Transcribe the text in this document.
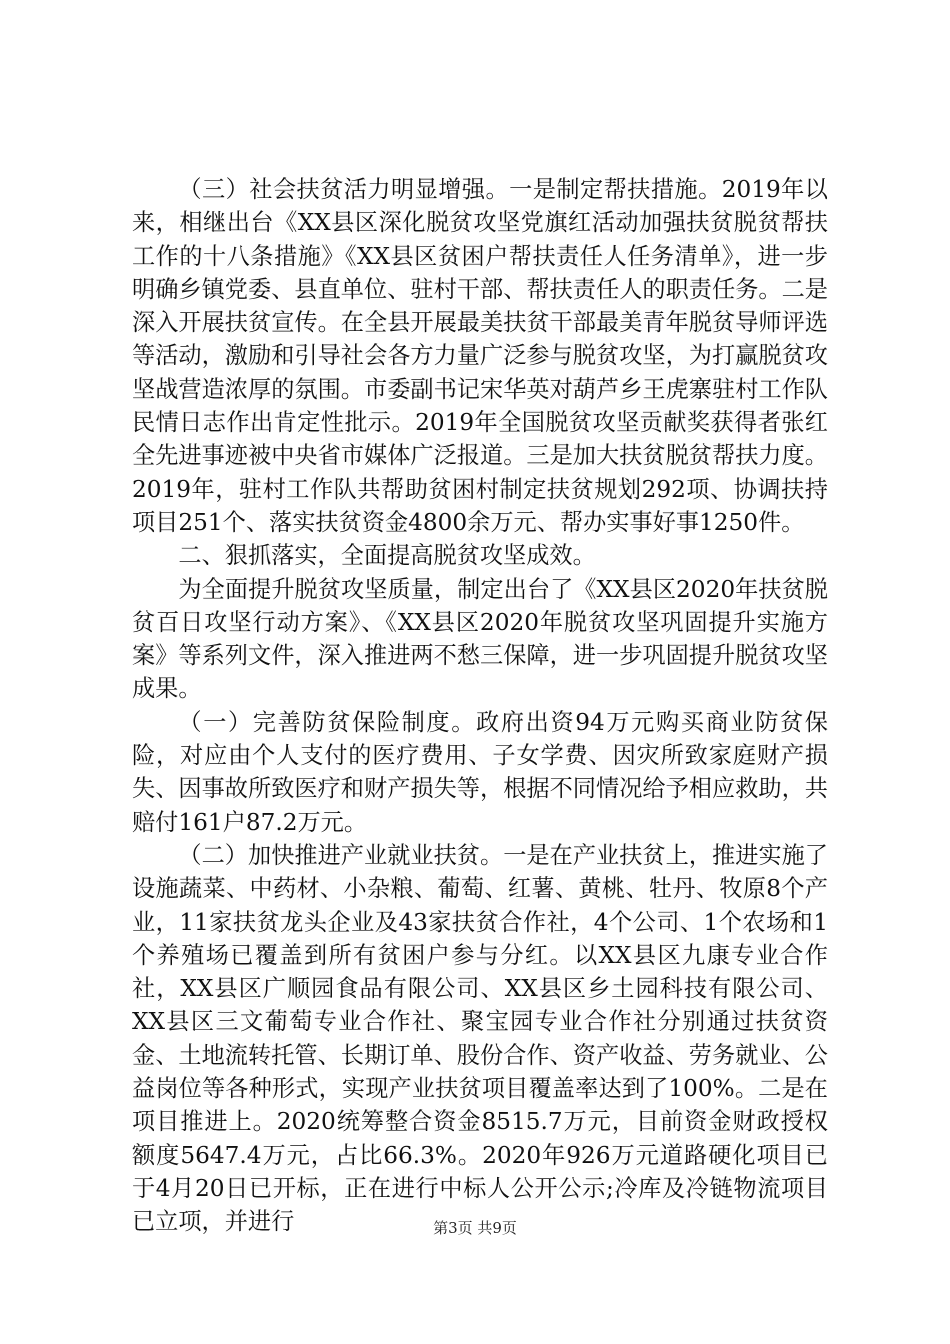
（三）社会扶贫活力明显增强。一是制定帮扶措施。2019年以来，相继出台《XX县区深化脱贫攻坚党旗红活动加强扶贫脱贫帮扶工作的十八条措施》《XX县区贫困户帮扶责任人任务清单》，进一步明确乡镇党委、县直单位、驻村干部、帮扶责任人的职责任务。二是深入开展扶贫宣传。在全县开展最美扶贫干部最美青年脱贫导师评选等活动，激励和引导社会各方力量广泛参与脱贫攻坚，为打赢脱贫攻坚战营造浓厚的氛围。市委副书记宋华英对葫芦乡王虎寨驻村工作队民情日志作出肯定性批示。2019年全国脱贫攻坚贡献奖获得者张红全先进事迹被中央省市媒体广泛报道。三是加大扶贫脱贫帮扶力度。2019年，驻村工作队共帮助贫困村制定扶贫规划292项、协调扶持项目251个、落实扶贫资金4800余万元、帮办实事好事1250件。

二、狠抓落实，全面提高脱贫攻坚成效。

为全面提升脱贫攻坚质量，制定出台了《XX县区2020年扶贫脱贫百日攻坚行动方案》、《XX县区2020年脱贫攻坚巩固提升实施方案》等系列文件，深入推进两不愁三保障，进一步巩固提升脱贫攻坚成果。

（一）完善防贫保险制度。政府出资94万元购买商业防贫保险，对应由个人支付的医疗费用、子女学费、因灾所致家庭财产损失、因事故所致医疗和财产损失等，根据不同情况给予相应救助，共赔付161户87.2万元。

（二）加快推进产业就业扶贫。一是在产业扶贫上，推进实施了设施蔬菜、中药材、小杂粮、葡萄、红薯、黄桃、牡丹、牧原8个产业，11家扶贫龙头企业及43家扶贫合作社，4个公司、1个农场和1个养殖场已覆盖到所有贫困户参与分红。以XX县区九康专业合作社，XX县区广顺园食品有限公司、XX县区乡土园科技有限公司、XX县区三文葡萄专业合作社、聚宝园专业合作社分别通过扶贫资金、土地流转托管、长期订单、股份合作、资产收益、劳务就业、公益岗位等各种形式，实现产业扶贫项目覆盖率达到了100%。二是在项目推进上。2020统筹整合资金8515.7万元，目前资金财政授权额度5647.4万元，占比66.3%。2020年926万元道路硬化项目已于4月20日已开标，正在进行中标人公开公示;冷库及冷链物流项目已立项，并进行	第3页 共9页
